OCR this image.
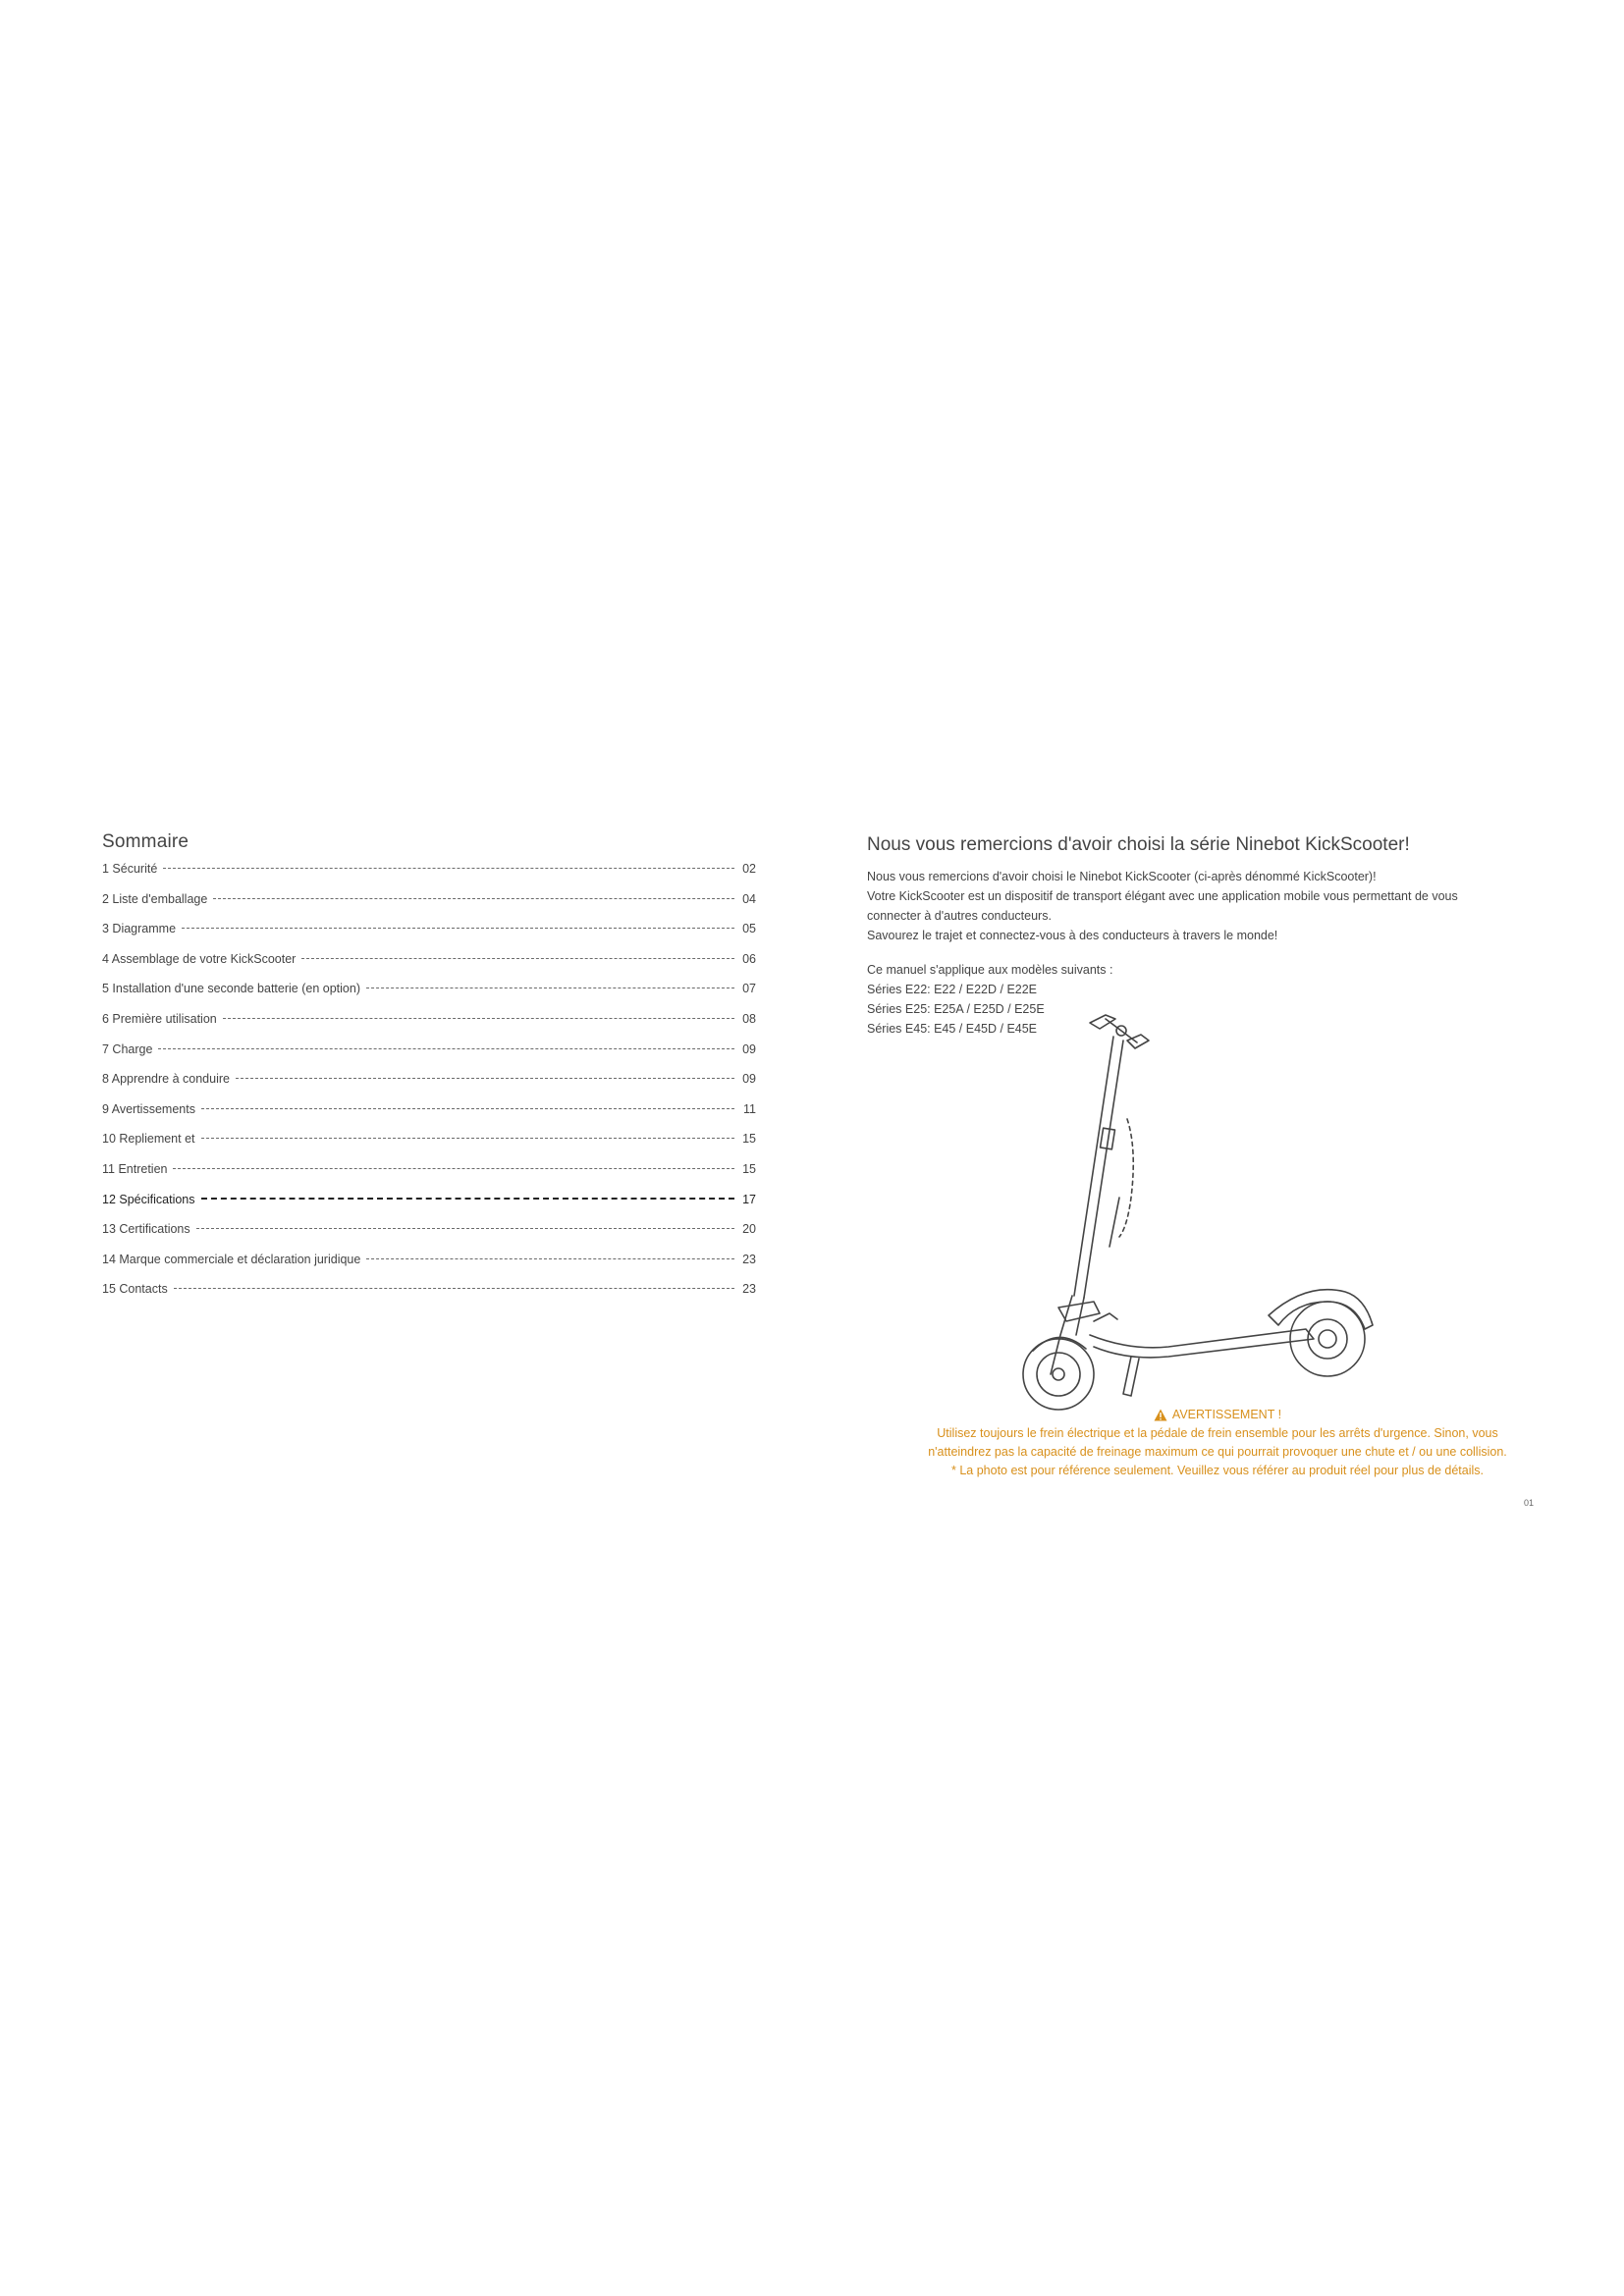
Sommaire
1 Sécurité	02
2 Liste d'emballage	04
3 Diagramme	05
4 Assemblage de votre KickScooter	06
5 Installation d'une seconde batterie (en option)	07
6 Première utilisation	08
7 Charge	09
8 Apprendre à conduire	09
9 Avertissements	11
10 Repliement et	15
11 Entretien	15
12 Spécifications	17
13 Certifications	20
14 Marque commerciale et déclaration juridique	23
15 Contacts	23
Nous vous remercions d'avoir choisi la série Ninebot KickScooter!

Nous vous remercions d'avoir choisi le Ninebot KickScooter (ci-après dénommé KickScooter)!
Votre KickScooter est un dispositif de transport élégant avec une application mobile vous permettant de vous
connecter à d'autres conducteurs.
Savourez le trajet et connectez-vous à des conducteurs à travers le monde!

Ce manuel s'applique aux modèles suivants :
Séries E22: E22 / E22D / E22E
Séries E25: E25A / E25D / E25E
Séries E45: E45 / E45D / E45E

AVERTISSEMENT !
Utilisez toujours le frein électrique et la pédale de frein ensemble pour les arrêts d'urgence. Sinon, vous
n'atteindrez pas la capacité de freinage maximum ce qui pourrait provoquer une chute et / ou une collision.
* La photo est pour référence seulement. Veuillez vous référer au produit réel pour plus de détails.
01
